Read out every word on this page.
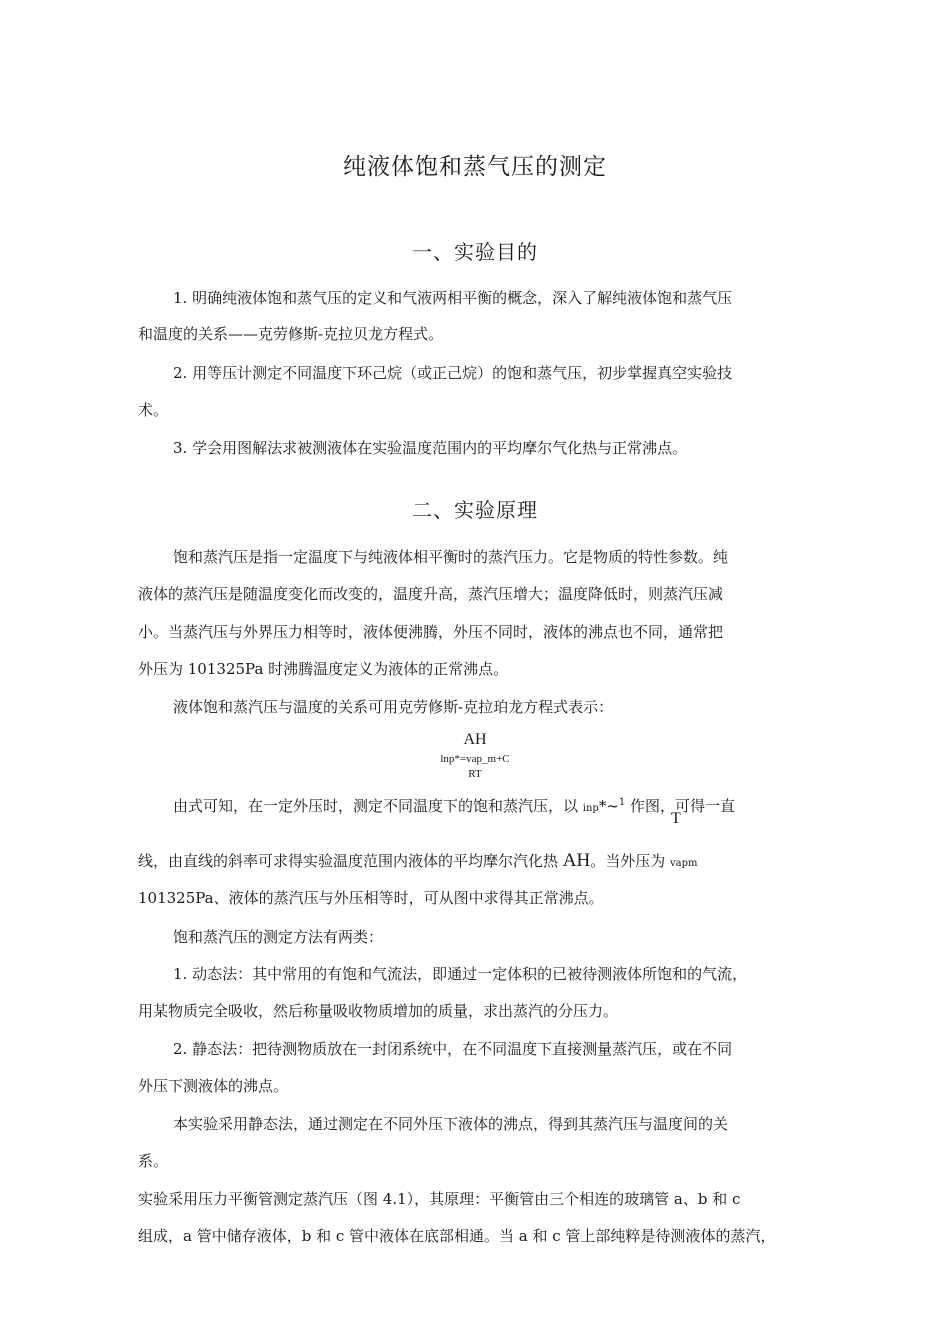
纯液体饱和蒸气压的测定
一、实验目的
1. 明确纯液体饱和蒸气压的定义和气液两相平衡的概念，深入了解纯液体饱和蒸气压
和温度的关系——克劳修斯-克拉贝龙方程式。
2. 用等压计测定不同温度下环己烷（或正己烷）的饱和蒸气压，初步掌握真空实验技
术。
3. 学会用图解法求被测液体在实验温度范围内的平均摩尔气化热与正常沸点。
二、实验原理
饱和蒸汽压是指一定温度下与纯液体相平衡时的蒸汽压力。它是物质的特性参数。纯
液体的蒸汽压是随温度变化而改变的，温度升高，蒸汽压增大；温度降低时，则蒸汽压减
小。当蒸汽压与外界压力相等时，液体便沸腾，外压不同时，液体的沸点也不同，通常把
外压为 101325Pa 时沸腾温度定义为液体的正常沸点。
液体饱和蒸汽压与温度的关系可用克劳修斯-克拉珀龙方程式表示：
AH
lnp*=vap_m+C
RT
由式可知，在一定外压时，测定不同温度下的饱和蒸汽压，以 inp*~$^1$ 作图，可得一直
T
线，由直线的斜率可求得实验温度范围内液体的平均摩尔汽化热 AH。当外压为 vapm
101325Pa、液体的蒸汽压与外压相等时，可从图中求得其正常沸点。
饱和蒸汽压的测定方法有两类：
1. 动态法：其中常用的有饱和气流法，即通过一定体积的已被待测液体所饱和的气流，
用某物质完全吸收，然后称量吸收物质增加的质量，求出蒸汽的分压力。
2. 静态法：把待测物质放在一封闭系统中，在不同温度下直接测量蒸汽压，或在不同
外压下测液体的沸点。
本实验采用静态法，通过测定在不同外压下液体的沸点，得到其蒸汽压与温度间的关
系。
实验采用压力平衡管测定蒸汽压（图 4.1），其原理：平衡管由三个相连的玻璃管 a、b 和 c
组成，a 管中储存液体，b 和 c 管中液体在底部相通。当 a 和 c 管上部纯粹是待测液体的蒸汽，
